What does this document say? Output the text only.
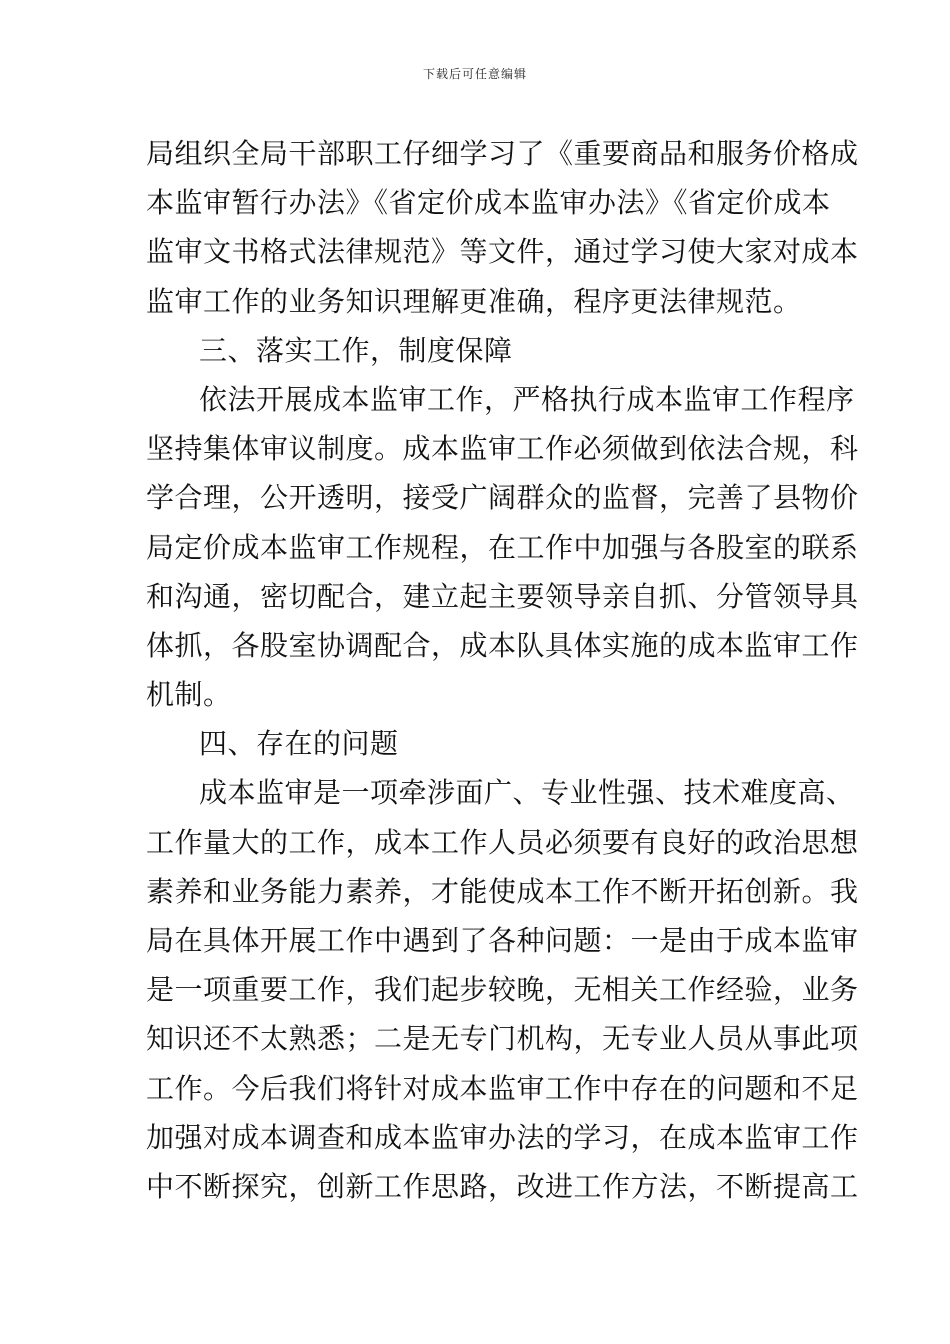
下载后可任意编辑
局组织全局干部职工仔细学习了《重要商品和服务价格成
本监审暂行办法》《省定价成本监审办法》《省定价成本
监审文书格式法律规范》等文件，通过学习使大家对成本
监审工作的业务知识理解更准确，程序更法律规范。
三、落实工作，制度保障
依法开展成本监审工作，严格执行成本监审工作程序
坚持集体审议制度。成本监审工作必须做到依法合规，科
学合理，公开透明，接受广阔群众的监督，完善了县物价
局定价成本监审工作规程，在工作中加强与各股室的联系
和沟通，密切配合，建立起主要领导亲自抓、分管领导具
体抓，各股室协调配合，成本队具体实施的成本监审工作
机制。
四、存在的问题
成本监审是一项牵涉面广、专业性强、技术难度高、
工作量大的工作，成本工作人员必须要有良好的政治思想
素养和业务能力素养，才能使成本工作不断开拓创新。我
局在具体开展工作中遇到了各种问题：一是由于成本监审
是一项重要工作，我们起步较晚，无相关工作经验，业务
知识还不太熟悉；二是无专门机构，无专业人员从事此项
工作。今后我们将针对成本监审工作中存在的问题和不足
加强对成本调查和成本监审办法的学习，在成本监审工作
中不断探究，创新工作思路，改进工作方法，不断提高工
